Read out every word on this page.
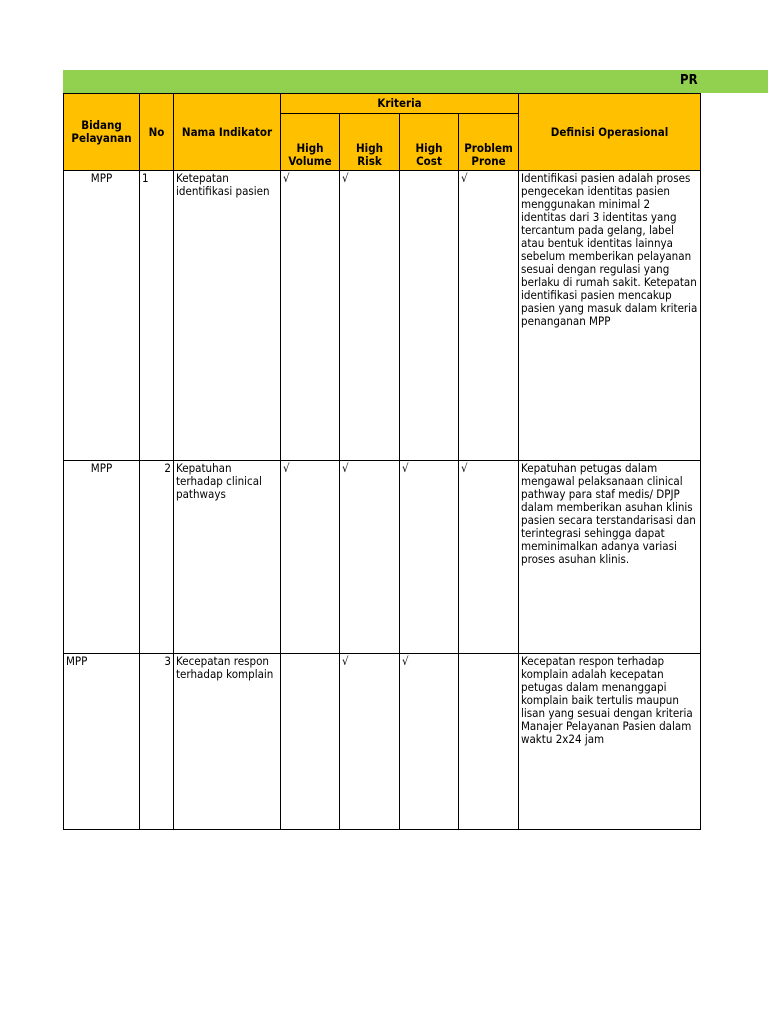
PR
Bidang Pelayanan	No	Nama Indikator	Kriteria				Definisi Operasional
			High Volume	High Risk	High Cost	Problem Prone	
MPP	1	Ketepatan identifikasi pasien	√	√		√	Identifikasi pasien adalah proses pengecekan identitas pasien menggunakan minimal 2 identitas dari 3 identitas yang tercantum pada gelang, label atau bentuk identitas lainnya sebelum memberikan pelayanan sesuai dengan regulasi yang berlaku di rumah sakit. Ketepatan identifikasi pasien mencakup pasien yang masuk dalam kriteria penanganan MPP
MPP	2	Kepatuhan terhadap clinical pathways	√	√	√	√	Kepatuhan petugas dalam mengawal pelaksanaan clinical pathway para staf medis/ DPJP dalam memberikan asuhan klinis pasien secara terstandarisasi dan terintegrasi sehingga dapat meminimalkan adanya variasi proses asuhan klinis.
MPP	3	Kecepatan respon terhadap komplain		√	√		Kecepatan respon terhadap komplain adalah kecepatan petugas dalam menanggapi komplain baik tertulis maupun lisan yang sesuai dengan kriteria Manajer Pelayanan Pasien dalam waktu 2x24 jam
